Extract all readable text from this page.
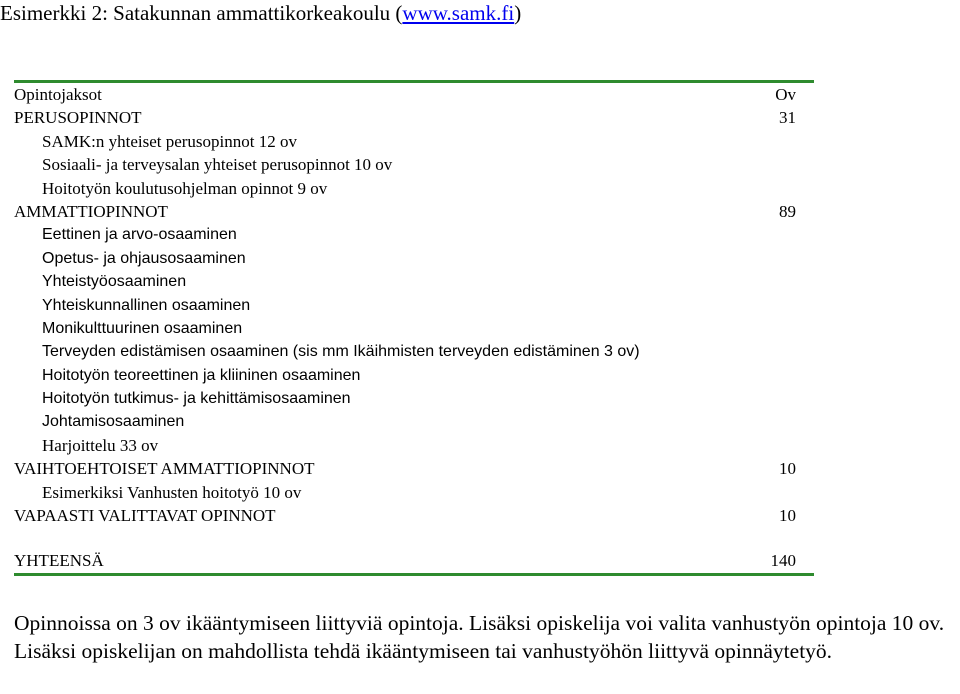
Esimerkki 2: Satakunnan ammattikorkeakoulu (www.samk.fi)
Opintojaksot	Ov
PERUSOPINNOT	31
SAMK:n yhteiset perusopinnot 12 ov
Sosiaali- ja terveysalan yhteiset perusopinnot 10 ov
Hoitotyön koulutusohjelman opinnot 9 ov
AMMATTIOPINNOT	89
Eettinen ja arvo-osaaminen
Opetus- ja ohjausosaaminen
Yhteistyöosaaminen
Yhteiskunnallinen osaaminen
Monikulttuurinen osaaminen
Terveyden edistämisen osaaminen (sis mm Ikäihmisten terveyden edistäminen 3 ov)
Hoitotyön teoreettinen ja kliininen osaaminen
Hoitotyön tutkimus- ja kehittämisosaaminen
Johtamisosaaminen
Harjoittelu 33 ov
VAIHTOEHTOISET AMMATTIOPINNOT	10
Esimerkiksi Vanhusten hoitotyö 10 ov
VAPAASTI VALITTAVAT OPINNOT	10
YHTEENSÄ	140
Opinnoissa on 3 ov ikääntymiseen liittyviä opintoja. Lisäksi opiskelija voi valita vanhustyön opintoja 10 ov. Lisäksi opiskelijan on mahdollista tehdä ikääntymiseen tai vanhustyöhön liittyvä opinnäytetyö.
